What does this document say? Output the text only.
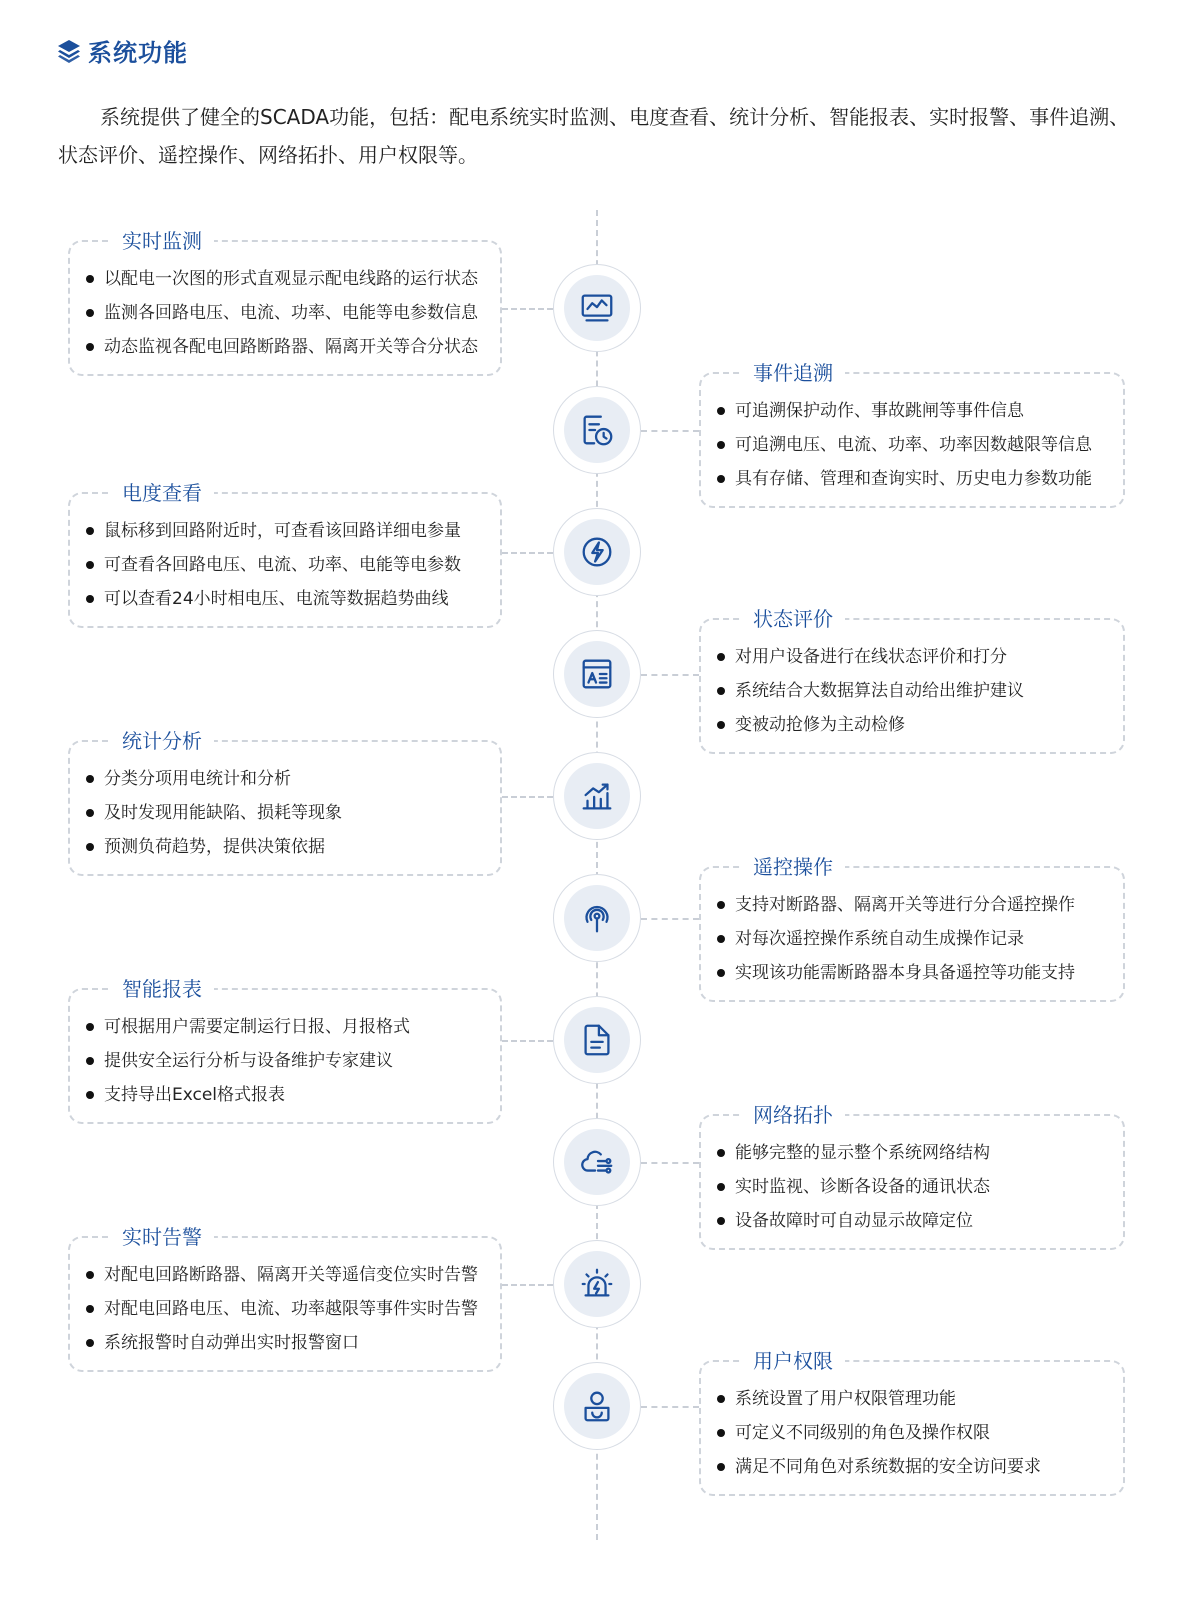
系统功能

系统提供了健全的SCADA功能，包括：配电系统实时监测、电度查看、统计分析、智能报表、实时报警、事件追溯、状态评价、遥控操作、网络拓扑、用户权限等。

实时监测
以配电一次图的形式直观显示配电线路的运行状态
监测各回路电压、电流、功率、电能等电参数信息
动态监视各配电回路断路器、隔离开关等合分状态
事件追溯
可追溯保护动作、事故跳闸等事件信息
可追溯电压、电流、功率、功率因数越限等信息
具有存储、管理和查询实时、历史电力参数功能
电度查看
鼠标移到回路附近时，可查看该回路详细电参量
可查看各回路电压、电流、功率、电能等电参数
可以查看24小时相电压、电流等数据趋势曲线
状态评价
对用户设备进行在线状态评价和打分
系统结合大数据算法自动给出维护建议
变被动抢修为主动检修
统计分析
分类分项用电统计和分析
及时发现用能缺陷、损耗等现象
预测负荷趋势，提供决策依据
遥控操作
支持对断路器、隔离开关等进行分合遥控操作
对每次遥控操作系统自动生成操作记录
实现该功能需断路器本身具备遥控等功能支持
智能报表
可根据用户需要定制运行日报、月报格式
提供安全运行分析与设备维护专家建议
支持导出Excel格式报表
网络拓扑
能够完整的显示整个系统网络结构
实时监视、诊断各设备的通讯状态
设备故障时可自动显示故障定位
实时告警
对配电回路断路器、隔离开关等遥信变位实时告警
对配电回路电压、电流、功率越限等事件实时告警
系统报警时自动弹出实时报警窗口
用户权限
系统设置了用户权限管理功能
可定义不同级别的角色及操作权限
满足不同角色对系统数据的安全访问要求
